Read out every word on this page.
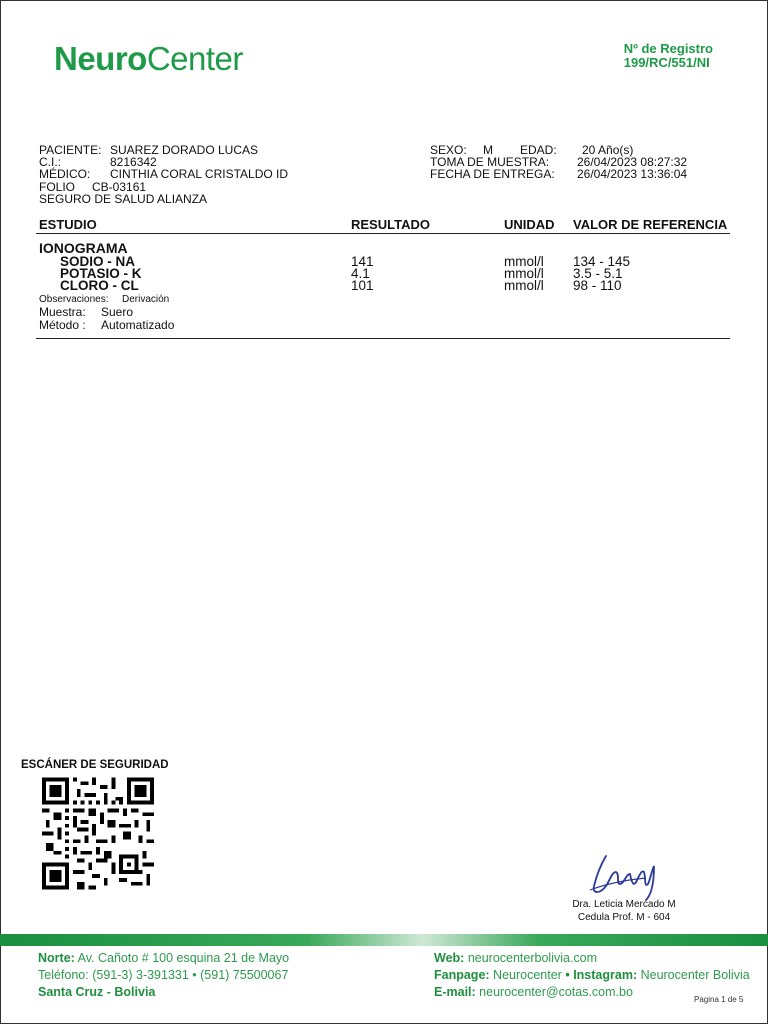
NeuroCenter	Nº de Registro
199/RC/551/NI
PACIENTE: SUAREZ DORADO LUCAS
C.I.:	8216342
MÉDICO: CINTHIA CORAL CRISTALDO ID
FOLIO CB-03161
SEGURO DE SALUD ALIANZA
SEXO: M EDAD: 20 Año(s)
TOMA DE MUESTRA: 26/04/2023 08:27:32
FECHA DE ENTREGA: 26/04/2023 13:36:04
ESTUDIO	RESULTADO	UNIDAD VALOR DE REFERENCIA
IONOGRAMA
SODIO - NA	141	mmol/l 134 - 145
POTASIO - K	4.1	mmol/l 3.5 - 5.1
CLORO - CL	101	mmol/l 98 - 110
Observaciones: Derivación
Muestra: Suero
Método : Automatizado
ESCÁNER DE SEGURIDAD
Dra. Leticia Mercado M
Cedula Prof. M - 604
Norte: Av. Cañoto # 100 esquina 21 de Mayo
Teléfono: (591-3) 3-391331 • (591) 75500067
Santa Cruz - Bolivia
Web: neurocenterbolivia.com
Fanpage: Neurocenter • Instagram: Neurocenter Bolivia
E-mail: neurocenter@cotas.com.bo
Pagina 1 de 5
